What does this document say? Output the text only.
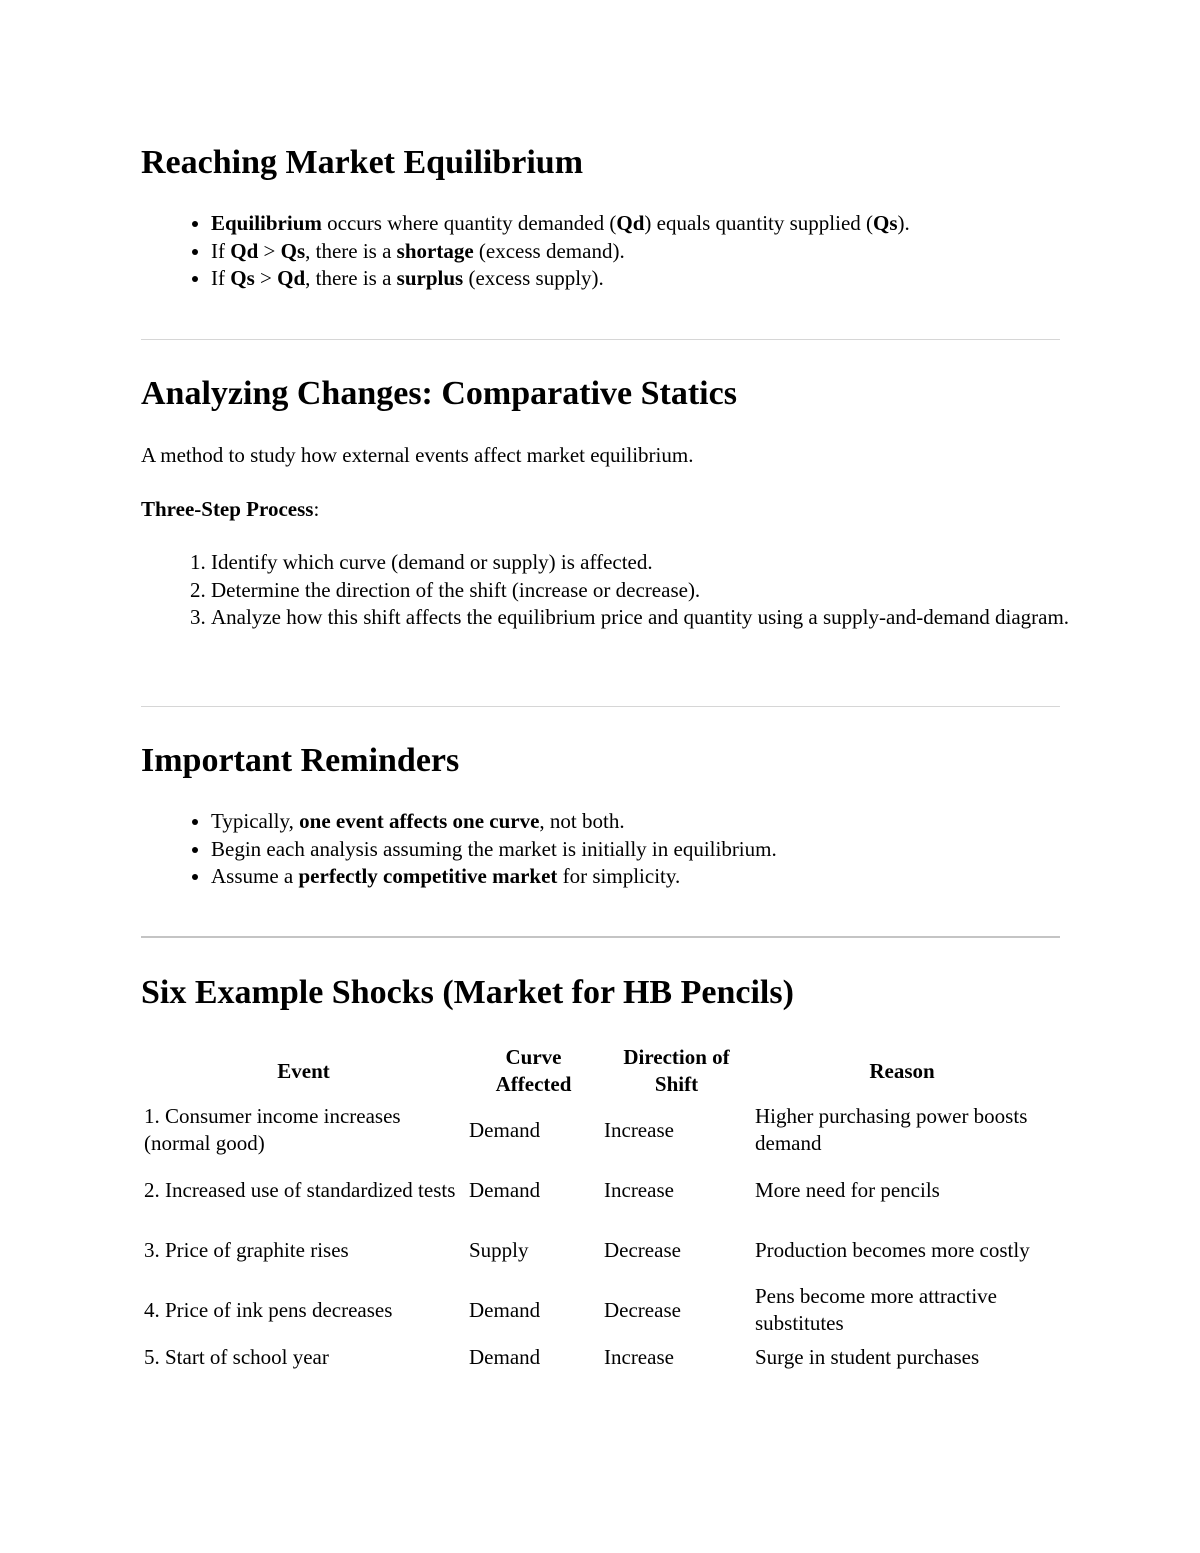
Reaching Market Equilibrium
• Equilibrium occurs where quantity demanded (Qd) equals quantity supplied (Qs).
• If Qd > Qs, there is a shortage (excess demand).
• If Qs > Qd, there is a surplus (excess supply).
Analyzing Changes: Comparative Statics

A method to study how external events affect market equilibrium.

Three-Step Process:

1. Identify which curve (demand or supply) is affected.
2. Determine the direction of the shift (increase or decrease).
3. Analyze how this shift affects the equilibrium price and quantity using a supply-and-demand diagram.
Important Reminders
• Typically, one event affects one curve, not both.
• Begin each analysis assuming the market is initially in equilibrium.
• Assume a perfectly competitive market for simplicity.
Six Example Shocks (Market for HB Pencils)
Event	Curve Affected	Direction of Shift	Reason
1. Consumer income increases (normal good)	Demand	Increase	Higher purchasing power boosts demand
2. Increased use of standardized tests	Demand	Increase	More need for pencils
3. Price of graphite rises	Supply	Decrease	Production becomes more costly
4. Price of ink pens decreases	Demand	Decrease	Pens become more attractive substitutes
5. Start of school year	Demand	Increase	Surge in student purchases
